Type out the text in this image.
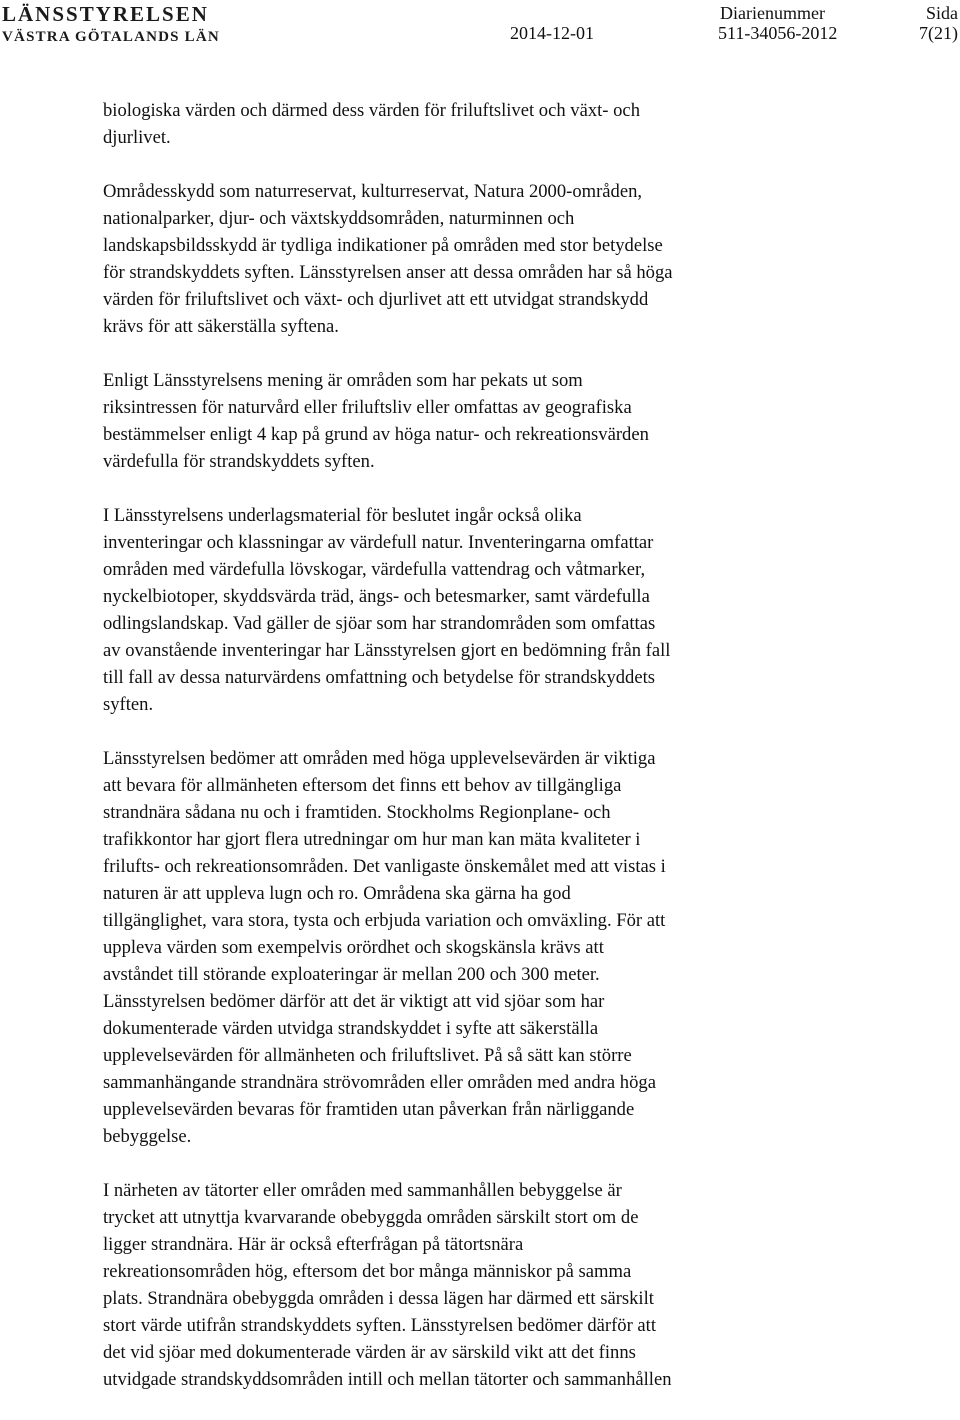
LÄNSSTYRELSEN
VÄSTRA GÖTALANDS LÄN	2014-12-01
Diarienummer
511-34056-2012
Sida
7(21)

biologiska värden och därmed dess värden för friluftslivet och växt- och
djurlivet.

Områdesskydd som naturreservat, kulturreservat, Natura 2000-områden,
nationalparker, djur- och växtskyddsområden, naturminnen och
landskapsbildsskydd är tydliga indikationer på områden med stor betydelse
för strandskyddets syften. Länsstyrelsen anser att dessa områden har så höga
värden för friluftslivet och växt- och djurlivet att ett utvidgat strandskydd
krävs för att säkerställa syftena.

Enligt Länsstyrelsens mening är områden som har pekats ut som
riksintressen för naturvård eller friluftsliv eller omfattas av geografiska
bestämmelser enligt 4 kap på grund av höga natur- och rekreationsvärden
värdefulla för strandskyddets syften.

I Länsstyrelsens underlagsmaterial för beslutet ingår också olika
inventeringar och klassningar av värdefull natur. Inventeringarna omfattar
områden med värdefulla lövskogar, värdefulla vattendrag och våtmarker,
nyckelbiotoper, skyddsvärda träd, ängs- och betesmarker, samt värdefulla
odlingslandskap. Vad gäller de sjöar som har strandområden som omfattas
av ovanstående inventeringar har Länsstyrelsen gjort en bedömning från fall
till fall av dessa naturvärdens omfattning och betydelse för strandskyddets
syften.

Länsstyrelsen bedömer att områden med höga upplevelsevärden är viktiga
att bevara för allmänheten eftersom det finns ett behov av tillgängliga
strandnära sådana nu och i framtiden. Stockholms Regionplane- och
trafikkontor har gjort flera utredningar om hur man kan mäta kvaliteter i
frilufts- och rekreationsområden. Det vanligaste önskemålet med att vistas i
naturen är att uppleva lugn och ro. Områdena ska gärna ha god
tillgänglighet, vara stora, tysta och erbjuda variation och omväxling. För att
uppleva värden som exempelvis orördhet och skogskänsla krävs att
avståndet till störande exploateringar är mellan 200 och 300 meter.
Länsstyrelsen bedömer därför att det är viktigt att vid sjöar som har
dokumenterade värden utvidga strandskyddet i syfte att säkerställa
upplevelsevärden för allmänheten och friluftslivet. På så sätt kan större
sammanhängande strandnära strövområden eller områden med andra höga
upplevelsevärden bevaras för framtiden utan påverkan från närliggande
bebyggelse.

I närheten av tätorter eller områden med sammanhållen bebyggelse är
trycket att utnyttja kvarvarande obebyggda områden särskilt stort om de
ligger strandnära. Här är också efterfrågan på tätortsnära
rekreationsområden hög, eftersom det bor många människor på samma
plats. Strandnära obebyggda områden i dessa lägen har därmed ett särskilt
stort värde utifrån strandskyddets syften. Länsstyrelsen bedömer därför att
det vid sjöar med dokumenterade värden är av särskild vikt att det finns
utvidgade strandskyddsområden intill och mellan tätorter och sammanhållen
